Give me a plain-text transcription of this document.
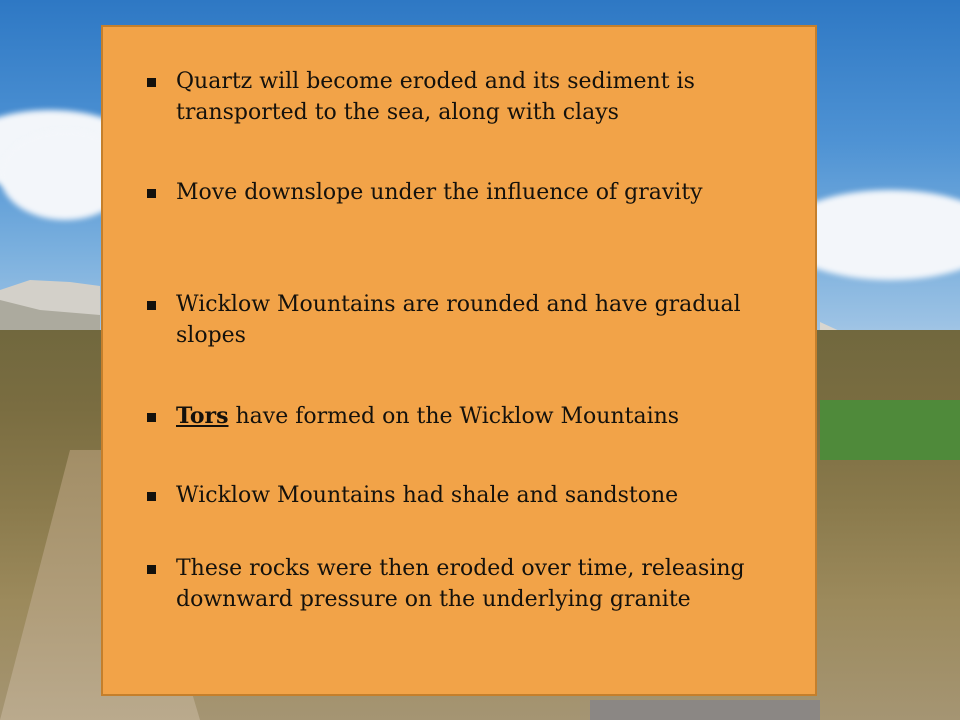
Quartz will become eroded and its sediment is transported to the sea, along with clays
Move downslope under the influence of gravity
Wicklow Mountains are rounded and have gradual slopes
Tors have formed on the Wicklow Mountains
Wicklow Mountains had shale and sandstone
These rocks were then eroded over time, releasing downward pressure on the underlying granite
